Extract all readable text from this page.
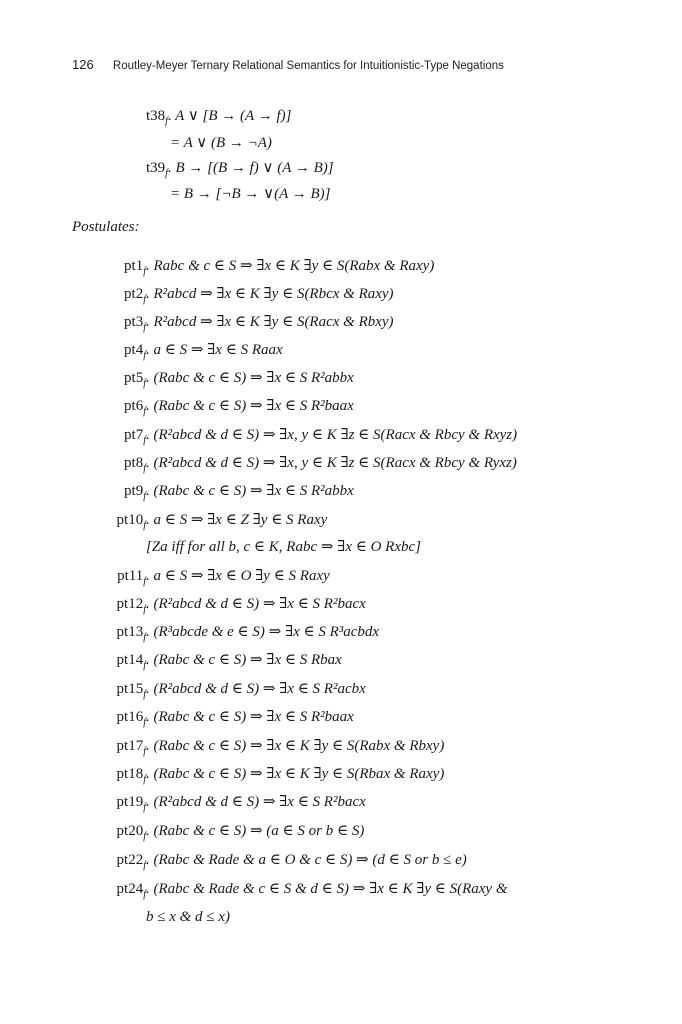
126 Routley-Meyer Ternary Relational Semantics for Intuitionistic-Type Negations
$t38_f$. A ∨ [B → (A → f)]
= A ∨ (B → ¬A)
$t39_f$. B → [(B → f) ∨ (A → B)]
= B → [¬B → ∨(A → B)]
Postulates:
$pt1_f$. Rabc & c ∈ S ⇒ ∃x ∈ K ∃y ∈ S(Rabx & Raxy)
$pt2_f$. R²abcd ⇒ ∃x ∈ K ∃y ∈ S(Rbcx & Raxy)
$pt3_f$. R²abcd ⇒ ∃x ∈ K ∃y ∈ S(Racx & Rbxy)
$pt4_f$. a ∈ S ⇒ ∃x ∈ S Raax
$pt5_f$. (Rabc & c ∈ S) ⇒ ∃x ∈ S R²abbx
$pt6_f$. (Rabc & c ∈ S) ⇒ ∃x ∈ S R²baax
$pt7_f$. (R²abcd & d ∈ S) ⇒ ∃x, y ∈ K ∃z ∈ S(Racx & Rbcy & Rxyz)
$pt8_f$. (R²abcd & d ∈ S) ⇒ ∃x, y ∈ K ∃z ∈ S(Racx & Rbcy & Ryxz)
$pt9_f$. (Rabc & c ∈ S) ⇒ ∃x ∈ S R²abbx
$pt10_f$. a ∈ S ⇒ ∃x ∈ Z ∃y ∈ S Raxy
[Za iff for all b, c ∈ K, Rabc ⇒ ∃x ∈ O Rxbc]
$pt11_f$. a ∈ S ⇒ ∃x ∈ O ∃y ∈ S Raxy
$pt12_f$. (R²abcd & d ∈ S) ⇒ ∃x ∈ S R²bacx
$pt13_f$. (R³abcde & e ∈ S) ⇒ ∃x ∈ S R³acbdx
$pt14_f$. (Rabc & c ∈ S) ⇒ ∃x ∈ S Rbax
$pt15_f$. (R²abcd & d ∈ S) ⇒ ∃x ∈ S R²acbx
$pt16_f$. (Rabc & c ∈ S) ⇒ ∃x ∈ S R²baax
$pt17_f$. (Rabc & c ∈ S) ⇒ ∃x ∈ K ∃y ∈ S(Rabx & Rbxy)
$pt18_f$. (Rabc & c ∈ S) ⇒ ∃x ∈ K ∃y ∈ S(Rbax & Raxy)
$pt19_f$. (R²abcd & d ∈ S) ⇒ ∃x ∈ S R²bacx
$pt20_f$. (Rabc & c ∈ S) ⇒ (a ∈ S or b ∈ S)
$pt22_f$. (Rabc & Rade & a ∈ O & c ∈ S) ⇒ (d ∈ S or b ≤ e)
$pt24_f$. (Rabc & Rade & c ∈ S & d ∈ S) ⇒ ∃x ∈ K ∃y ∈ S(Raxy &
b ≤ x & d ≤ x)
